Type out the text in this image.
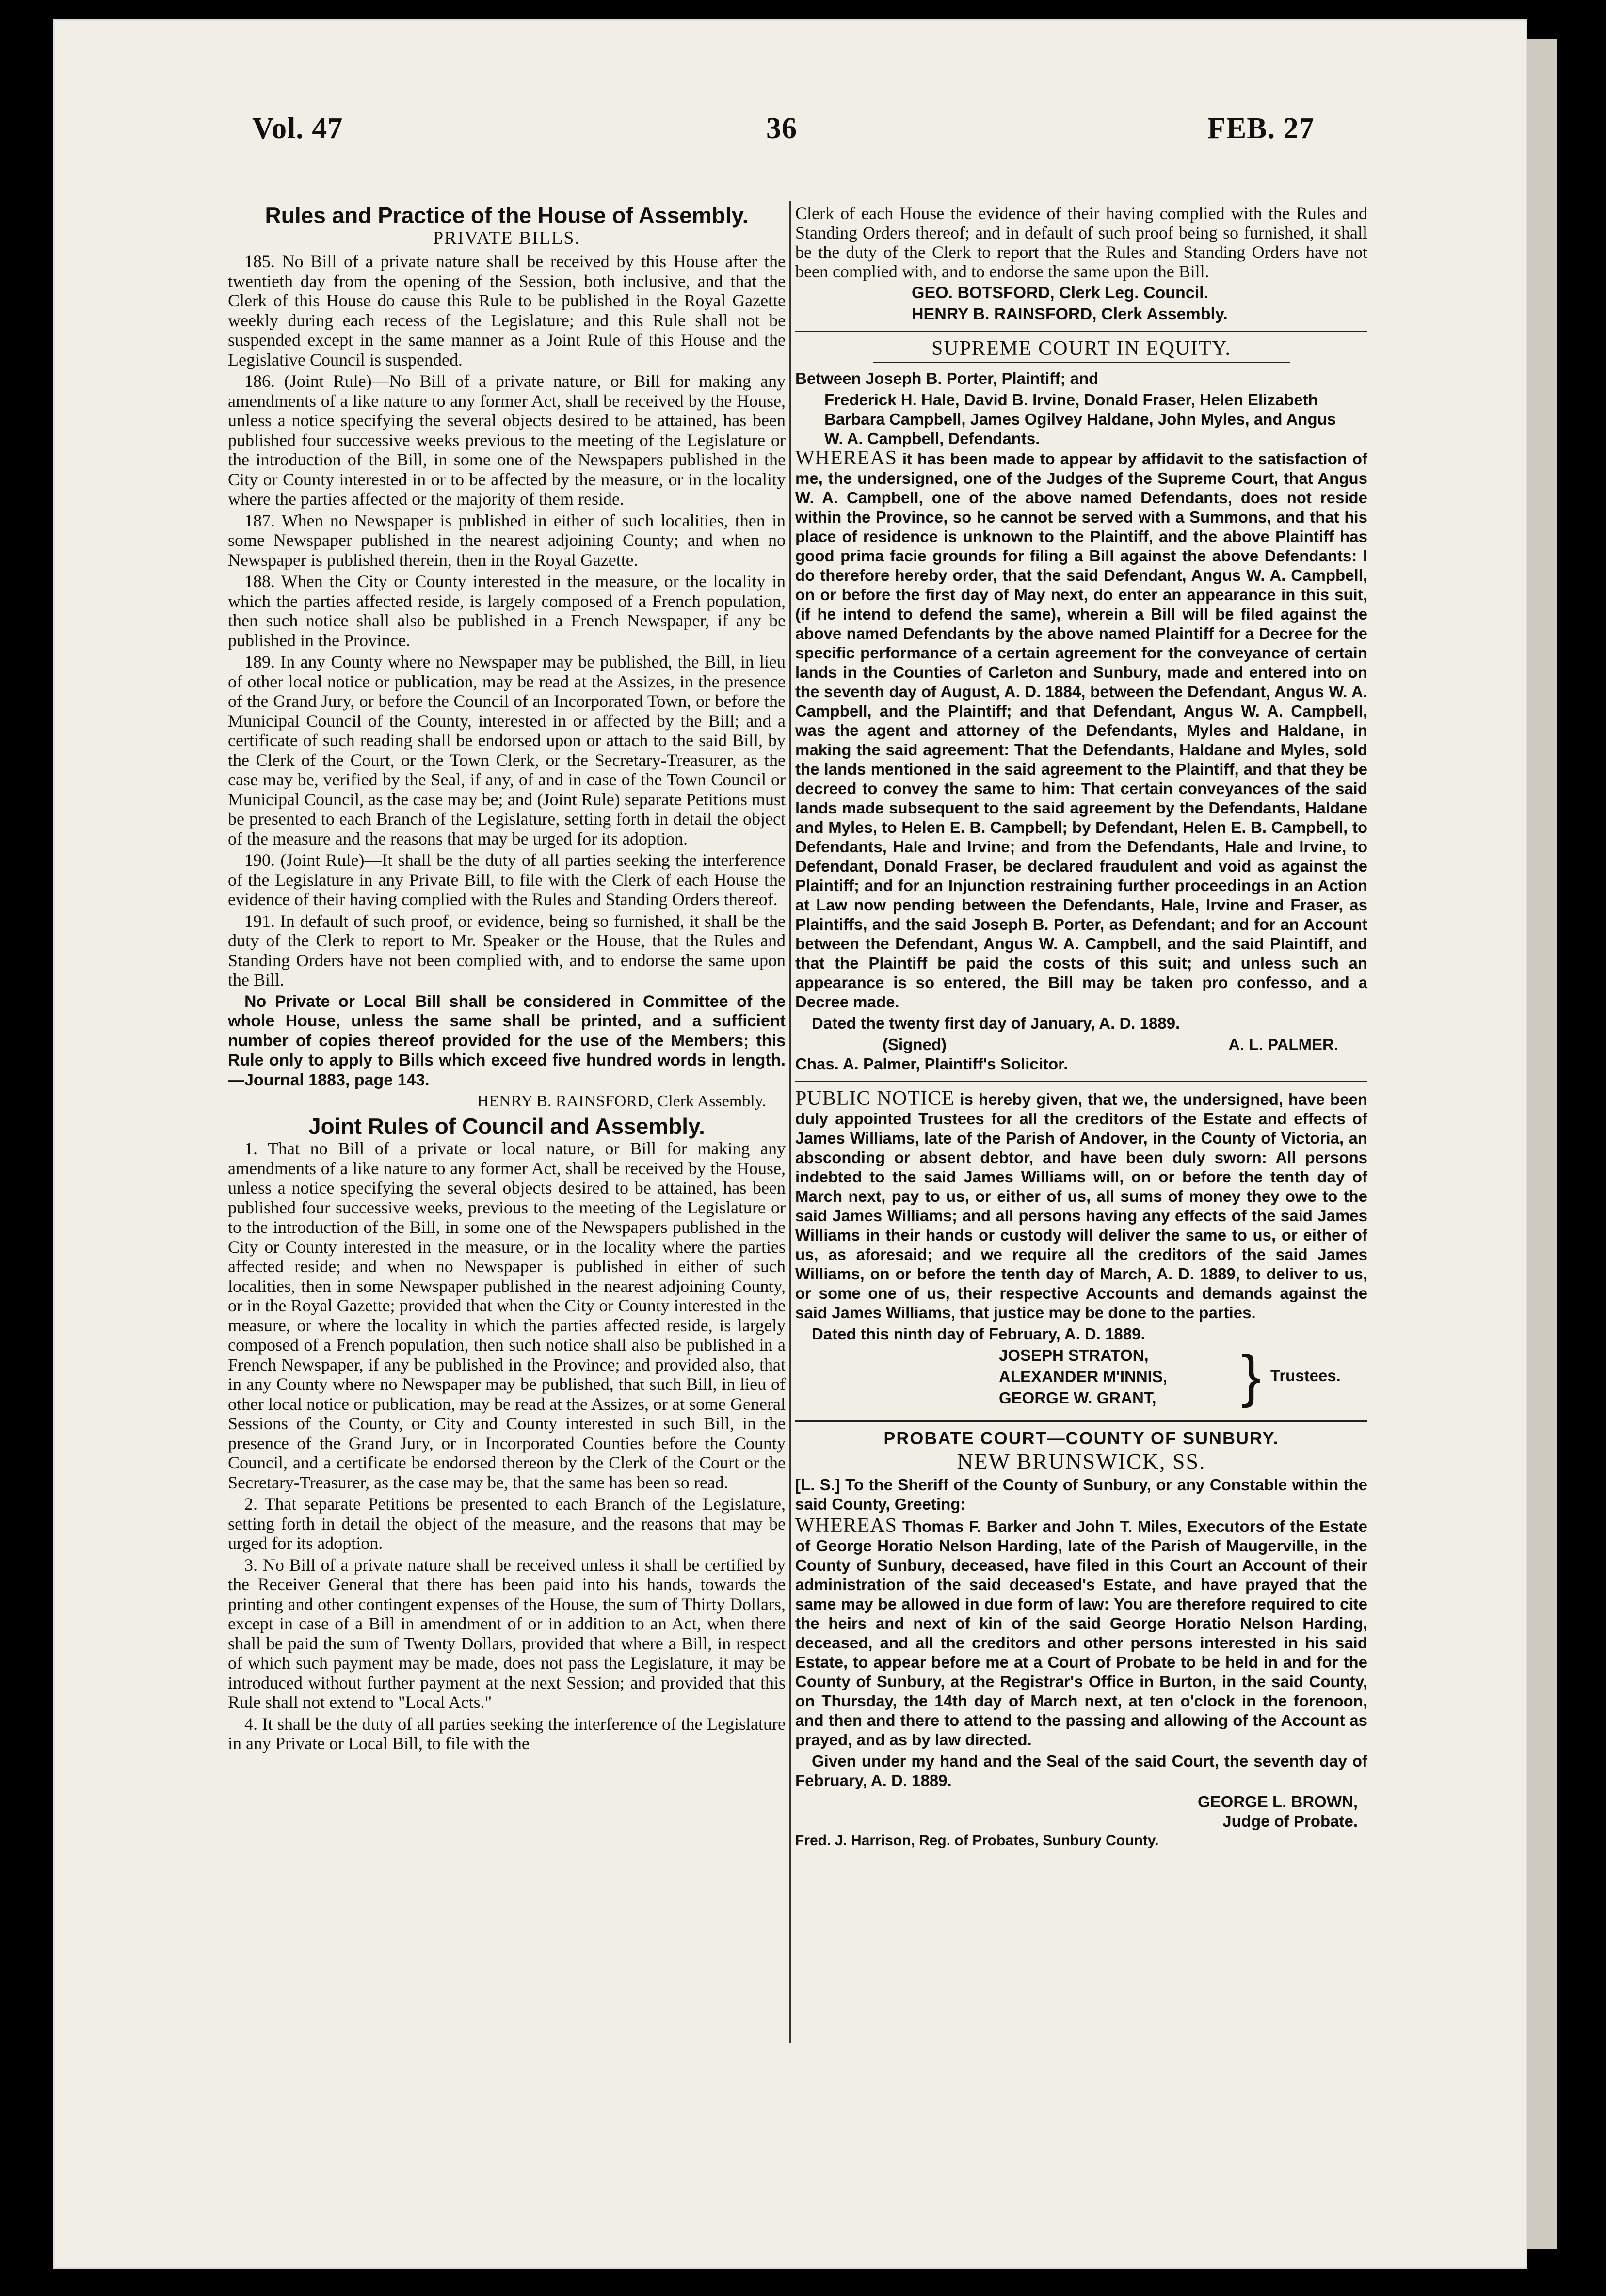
Vol. 47	36	FEB. 27
Rules and Practice of the House of Assembly.
PRIVATE BILLS.

185. No Bill of a private nature shall be received by this House after the twentieth day from the opening of the Session, both inclusive, and that the Clerk of this House do cause this Rule to be published in the Royal Gazette weekly during each recess of the Legislature; and this Rule shall not be suspended except in the same manner as a Joint Rule of this House and the Legislative Council is suspended.

186. (Joint Rule)—No Bill of a private nature, or Bill for making any amendments of a like nature to any former Act, shall be received by the House, unless a notice specifying the several objects desired to be attained, has been published four successive weeks previous to the meeting of the Legislature or the introduction of the Bill, in some one of the Newspapers published in the City or County interested in or to be affected by the measure, or in the locality where the parties affected or the majority of them reside.

187. When no Newspaper is published in either of such localities, then in some Newspaper published in the nearest adjoining County; and when no Newspaper is published therein, then in the Royal Gazette.

188. When the City or County interested in the measure, or the locality in which the parties affected reside, is largely composed of a French population, then such notice shall also be published in a French Newspaper, if any be published in the Province.

189. In any County where no Newspaper may be published, the Bill, in lieu of other local notice or publication, may be read at the Assizes, in the presence of the Grand Jury, or before the Council of an Incorporated Town, or before the Municipal Council of the County, interested in or affected by the Bill; and a certificate of such reading shall be endorsed upon or attach to the said Bill, by the Clerk of the Court, or the Town Clerk, or the Secretary-Treasurer, as the case may be, verified by the Seal, if any, of and in case of the Town Council or Municipal Council, as the case may be; and (Joint Rule) separate Petitions must be presented to each Branch of the Legislature, setting forth in detail the object of the measure and the reasons that may be urged for its adoption.

190. (Joint Rule)—It shall be the duty of all parties seeking the interference of the Legislature in any Private Bill, to file with the Clerk of each House the evidence of their having complied with the Rules and Standing Orders thereof.

191. In default of such proof, or evidence, being so furnished, it shall be the duty of the Clerk to report to Mr. Speaker or the House, that the Rules and Standing Orders have not been complied with, and to endorse the same upon the Bill.

No Private or Local Bill shall be considered in Committee of the whole House, unless the same shall be printed, and a sufficient number of copies thereof provided for the use of the Members; this Rule only to apply to Bills which exceed five hundred words in length.—Journal 1883, page 143.

HENRY B. RAINSFORD, Clerk Assembly.
Joint Rules of Council and Assembly.

1. That no Bill of a private or local nature, or Bill for making any amendments of a like nature to any former Act, shall be received by the House, unless a notice specifying the several objects desired to be attained, has been published four successive weeks, previous to the meeting of the Legislature or to the introduction of the Bill, in some one of the Newspapers published in the City or County interested in the measure, or in the locality where the parties affected reside; and when no Newspaper is published in either of such localities, then in some Newspaper published in the nearest adjoining County, or in the Royal Gazette; provided that when the City or County interested in the measure, or where the locality in which the parties affected reside, is largely composed of a French population, then such notice shall also be published in a French Newspaper, if any be published in the Province; and provided also, that in any County where no Newspaper may be published, that such Bill, in lieu of other local notice or publication, may be read at the Assizes, or at some General Sessions of the County, or City and County interested in such Bill, in the presence of the Grand Jury, or in Incorporated Counties before the County Council, and a certificate be endorsed thereon by the Clerk of the Court or the Secretary-Treasurer, as the case may be, that the same has been so read.

2. That separate Petitions be presented to each Branch of the Legislature, setting forth in detail the object of the measure, and the reasons that may be urged for its adoption.

3. No Bill of a private nature shall be received unless it shall be certified by the Receiver General that there has been paid into his hands, towards the printing and other contingent expenses of the House, the sum of Thirty Dollars, except in case of a Bill in amendment of or in addition to an Act, when there shall be paid the sum of Twenty Dollars, provided that where a Bill, in respect of which such payment may be made, does not pass the Legislature, it may be introduced without further payment at the next Session; and provided that this Rule shall not extend to "Local Acts."

4. It shall be the duty of all parties seeking the interference of the Legislature in any Private or Local Bill, to file with the

Clerk of each House the evidence of their having complied with the Rules and Standing Orders thereof; and in default of such proof being so furnished, it shall be the duty of the Clerk to report that the Rules and Standing Orders have not been complied with, and to endorse the same upon the Bill.

GEO. BOTSFORD, Clerk Leg. Council.
HENRY B. RAINSFORD, Clerk Assembly.
SUPREME COURT IN EQUITY.

Between Joseph B. Porter, Plaintiff; and

Frederick H. Hale, David B. Irvine, Donald Fraser, Helen Elizabeth Barbara Campbell, James Ogilvey Haldane, John Myles, and Angus W. A. Campbell, Defendants.

WHEREAS it has been made to appear by affidavit to the satisfaction of me, the undersigned, one of the Judges of the Supreme Court, that Angus W. A. Campbell, one of the above named Defendants, does not reside within the Province, so he cannot be served with a Summons, and that his place of residence is unknown to the Plaintiff, and the above Plaintiff has good prima facie grounds for filing a Bill against the above Defendants: I do therefore hereby order, that the said Defendant, Angus W. A. Campbell, on or before the first day of May next, do enter an appearance in this suit, (if he intend to defend the same), wherein a Bill will be filed against the above named Defendants by the above named Plaintiff for a Decree for the specific performance of a certain agreement for the conveyance of certain lands in the Counties of Carleton and Sunbury, made and entered into on the seventh day of August, A. D. 1884, between the Defendant, Angus W. A. Campbell, and the Plaintiff; and that Defendant, Angus W. A. Campbell, was the agent and attorney of the Defendants, Myles and Haldane, in making the said agreement: That the Defendants, Haldane and Myles, sold the lands mentioned in the said agreement to the Plaintiff, and that they be decreed to convey the same to him: That certain conveyances of the said lands made subsequent to the said agreement by the Defendants, Haldane and Myles, to Helen E. B. Campbell; by Defendant, Helen E. B. Campbell, to Defendants, Hale and Irvine; and from the Defendants, Hale and Irvine, to Defendant, Donald Fraser, be declared fraudulent and void as against the Plaintiff; and for an Injunction restraining further proceedings in an Action at Law now pending between the Defendants, Hale, Irvine and Fraser, as Plaintiffs, and the said Joseph B. Porter, as Defendant; and for an Account between the Defendant, Angus W. A. Campbell, and the said Plaintiff, and that the Plaintiff be paid the costs of this suit; and unless such an appearance is so entered, the Bill may be taken pro confesso, and a Decree made.

Dated the twenty first day of January, A. D. 1889.

(Signed)	A. L. PALMER.

Chas. A. Palmer, Plaintiff's Solicitor.

PUBLIC NOTICE is hereby given, that we, the undersigned, have been duly appointed Trustees for all the creditors of the Estate and effects of James Williams, late of the Parish of Andover, in the County of Victoria, an absconding or absent debtor, and have been duly sworn: All persons indebted to the said James Williams will, on or before the tenth day of March next, pay to us, or either of us, all sums of money they owe to the said James Williams; and all persons having any effects of the said James Williams in their hands or custody will deliver the same to us, or either of us, as aforesaid; and we require all the creditors of the said James Williams, on or before the tenth day of March, A. D. 1889, to deliver to us, or some one of us, their respective Accounts and demands against the said James Williams, that justice may be done to the parties.

Dated this ninth day of February, A. D. 1889.

JOSEPH STRATON,
ALEXANDER M'INNIS,
GEORGE W. GRANT, } Trustees.
PROBATE COURT—COUNTY OF SUNBURY.
NEW BRUNSWICK, SS.

[L. S.] To the Sheriff of the County of Sunbury, or any Constable within the said County, Greeting:

WHEREAS Thomas F. Barker and John T. Miles, Executors of the Estate of George Horatio Nelson Harding, late of the Parish of Maugerville, in the County of Sunbury, deceased, have filed in this Court an Account of their administration of the said deceased's Estate, and have prayed that the same may be allowed in due form of law: You are therefore required to cite the heirs and next of kin of the said George Horatio Nelson Harding, deceased, and all the creditors and other persons interested in his said Estate, to appear before me at a Court of Probate to be held in and for the County of Sunbury, at the Registrar's Office in Burton, in the said County, on Thursday, the 14th day of March next, at ten o'clock in the forenoon, and then and there to attend to the passing and allowing of the Account as prayed, and as by law directed.

Given under my hand and the Seal of the said Court, the seventh day of February, A. D. 1889.

GEORGE L. BROWN,
Judge of Probate.

Fred. J. Harrison, Reg. of Probates, Sunbury County.
